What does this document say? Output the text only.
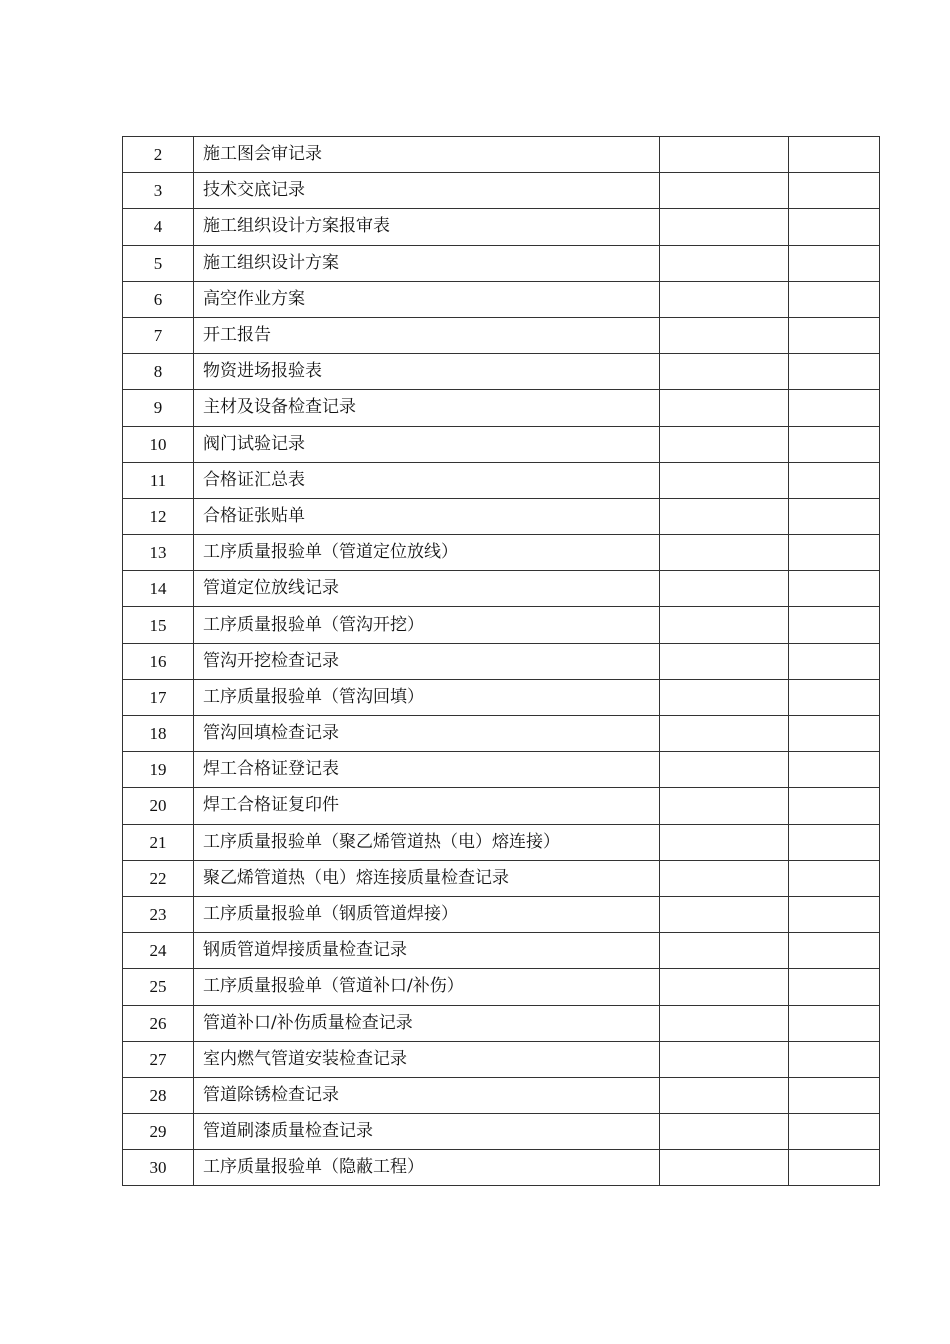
2	施工图会审记录		
3	技术交底记录		
4	施工组织设计方案报审表		
5	施工组织设计方案		
6	高空作业方案		
7	开工报告		
8	物资进场报验表		
9	主材及设备检查记录		
10	阀门试验记录		
11	合格证汇总表		
12	合格证张贴单		
13	工序质量报验单（管道定位放线）		
14	管道定位放线记录		
15	工序质量报验单（管沟开挖）		
16	管沟开挖检查记录		
17	工序质量报验单（管沟回填）		
18	管沟回填检查记录		
19	焊工合格证登记表		
20	焊工合格证复印件		
21	工序质量报验单（聚乙烯管道热（电）熔连接）		
22	聚乙烯管道热（电）熔连接质量检查记录		
23	工序质量报验单（钢质管道焊接）		
24	钢质管道焊接质量检查记录		
25	工序质量报验单（管道补口/补伤）		
26	管道补口/补伤质量检查记录		
27	室内燃气管道安装检查记录		
28	管道除锈检查记录		
29	管道刷漆质量检查记录		
30	工序质量报验单（隐蔽工程）		
